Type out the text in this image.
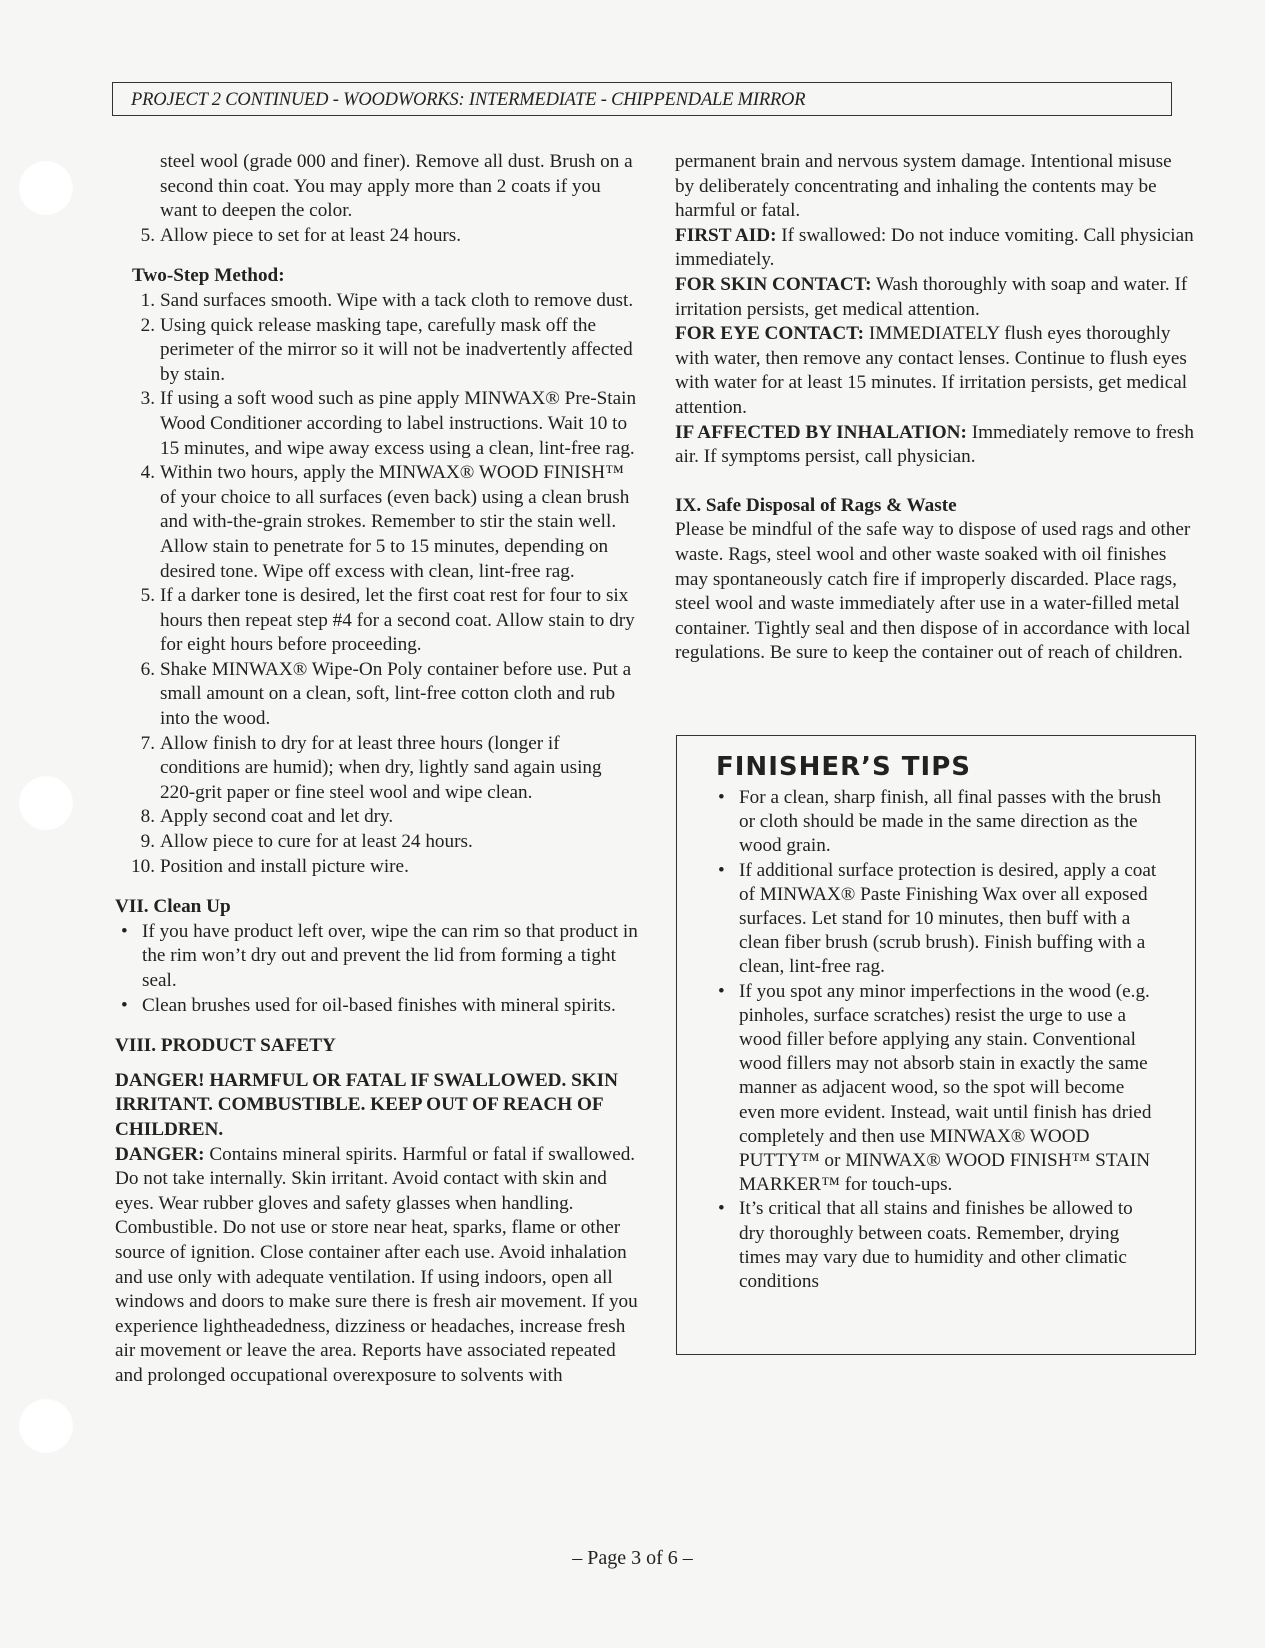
PROJECT 2 CONTINUED - WOODWORKS: INTERMEDIATE - CHIPPENDALE MIRROR

steel wool (grade 000 and finer). Remove all dust. Brush on a second thin coat. You may apply more than 2 coats if you want to deepen the color.

5. Allow piece to set for at least 24 hours.

Two-Step Method:

1. Sand surfaces smooth. Wipe with a tack cloth to remove dust.
2. Using quick release masking tape, carefully mask off the perimeter of the mirror so it will not be inadvertently affected by stain.
3. If using a soft wood such as pine apply MINWAX® Pre-Stain Wood Conditioner according to label instructions. Wait 10 to 15 minutes, and wipe away excess using a clean, lint-free rag.
4. Within two hours, apply the MINWAX® WOOD FINISH™ of your choice to all surfaces (even back) using a clean brush and with-the-grain strokes. Remember to stir the stain well. Allow stain to penetrate for 5 to 15 minutes, depending on desired tone. Wipe off excess with clean, lint-free rag.
5. If a darker tone is desired, let the first coat rest for four to six hours then repeat step #4 for a second coat. Allow stain to dry for eight hours before proceeding.
6. Shake MINWAX® Wipe-On Poly container before use. Put a small amount on a clean, soft, lint-free cotton cloth and rub into the wood.
7. Allow finish to dry for at least three hours (longer if conditions are humid); when dry, lightly sand again using 220-grit paper or fine steel wool and wipe clean.
8. Apply second coat and let dry.
9. Allow piece to cure for at least 24 hours.
10. Position and install picture wire.

VII. Clean Up

• If you have product left over, wipe the can rim so that product in the rim won’t dry out and prevent the lid from forming a tight seal.
• Clean brushes used for oil-based finishes with mineral spirits.

VIII. PRODUCT SAFETY

DANGER! HARMFUL OR FATAL IF SWALLOWED. SKIN IRRITANT. COMBUSTIBLE. KEEP OUT OF REACH OF CHILDREN.

DANGER: Contains mineral spirits. Harmful or fatal if swallowed. Do not take internally. Skin irritant. Avoid contact with skin and eyes. Wear rubber gloves and safety glasses when handling. Combustible. Do not use or store near heat, sparks, flame or other source of ignition. Close container after each use. Avoid inhalation and use only with adequate ventilation. If using indoors, open all windows and doors to make sure there is fresh air movement. If you experience lightheadedness, dizziness or headaches, increase fresh air movement or leave the area. Reports have associated repeated and prolonged occupational overexposure to solvents with

permanent brain and nervous system damage. Intentional misuse by deliberately concentrating and inhaling the contents may be harmful or fatal.

FIRST AID: If swallowed: Do not induce vomiting. Call physician immediately.

FOR SKIN CONTACT: Wash thoroughly with soap and water. If irritation persists, get medical attention.

FOR EYE CONTACT: IMMEDIATELY flush eyes thoroughly with water, then remove any contact lenses. Continue to flush eyes with water for at least 15 minutes. If irritation persists, get medical attention.

IF AFFECTED BY INHALATION: Immediately remove to fresh air. If symptoms persist, call physician.

IX. Safe Disposal of Rags & Waste

Please be mindful of the safe way to dispose of used rags and other waste. Rags, steel wool and other waste soaked with oil finishes may spontaneously catch fire if improperly discarded. Place rags, steel wool and waste immediately after use in a water-filled metal container. Tightly seal and then dispose of in accordance with local regulations. Be sure to keep the container out of reach of children.

FINISHER’S TIPS
• For a clean, sharp finish, all final passes with the brush or cloth should be made in the same direction as the wood grain.
• If additional surface protection is desired, apply a coat of MINWAX® Paste Finishing Wax over all exposed surfaces. Let stand for 10 minutes, then buff with a clean fiber brush (scrub brush). Finish buffing with a clean, lint-free rag.
• If you spot any minor imperfections in the wood (e.g. pinholes, surface scratches) resist the urge to use a wood filler before applying any stain. Conventional wood fillers may not absorb stain in exactly the same manner as adjacent wood, so the spot will become even more evident. Instead, wait until finish has dried completely and then use MINWAX® WOOD PUTTY™ or MINWAX® WOOD FINISH™ STAIN MARKER™ for touch-ups.
• It’s critical that all stains and finishes be allowed to dry thoroughly between coats. Remember, drying times may vary due to humidity and other climatic conditions
– Page 3 of 6 –
